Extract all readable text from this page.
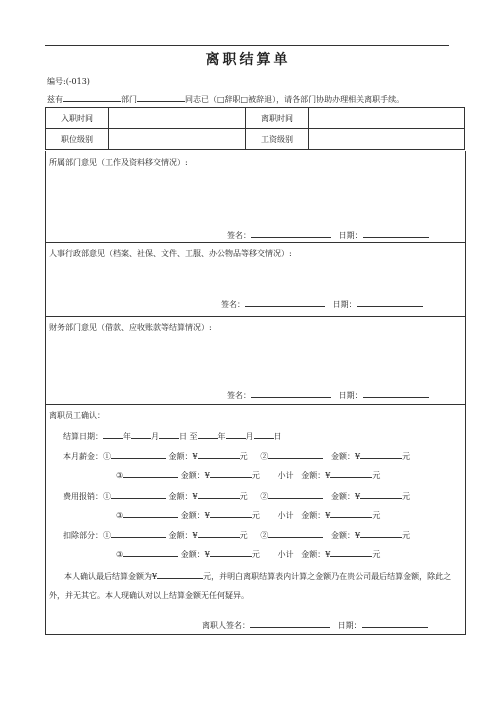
离职结算单
编号:(-013)
兹有	部门	同志已（□辞职□被辞退），请各部门协助办理相关离职手续。
入职时间		离职时间	
职位级别		工资级别	
所属部门意见（工作及资料移交情况）:
签名：	日期：
人事行政部意见（档案、社保、文件、工服、办公物品等移交情况）:
签名：	日期：
财务部门意见（借款、应收账款等结算情况）:
签名：	日期：
离职员工确认：
结算日期：	年	月	日 至	年	月	日
本月薪金：①	金额：¥	元 ②	金额：¥	元
③	金额：¥	元 小计 金额：¥	元
费用报销：①	金额：¥	元 ②	金额：¥	元
③	金额：¥	元 小计 金额：¥	元
扣除部分：①	金额：¥	元 ②	金额：¥	元
③	金额：¥	元 小计 金额：¥	元
本人确认最后结算金额为¥	元，并明白离职结算表内计算之金额乃在贵公司最后结算金额，除此之外，并无其它。本人现确认对以上结算金额无任何疑异。
离职人签名：	日期：
